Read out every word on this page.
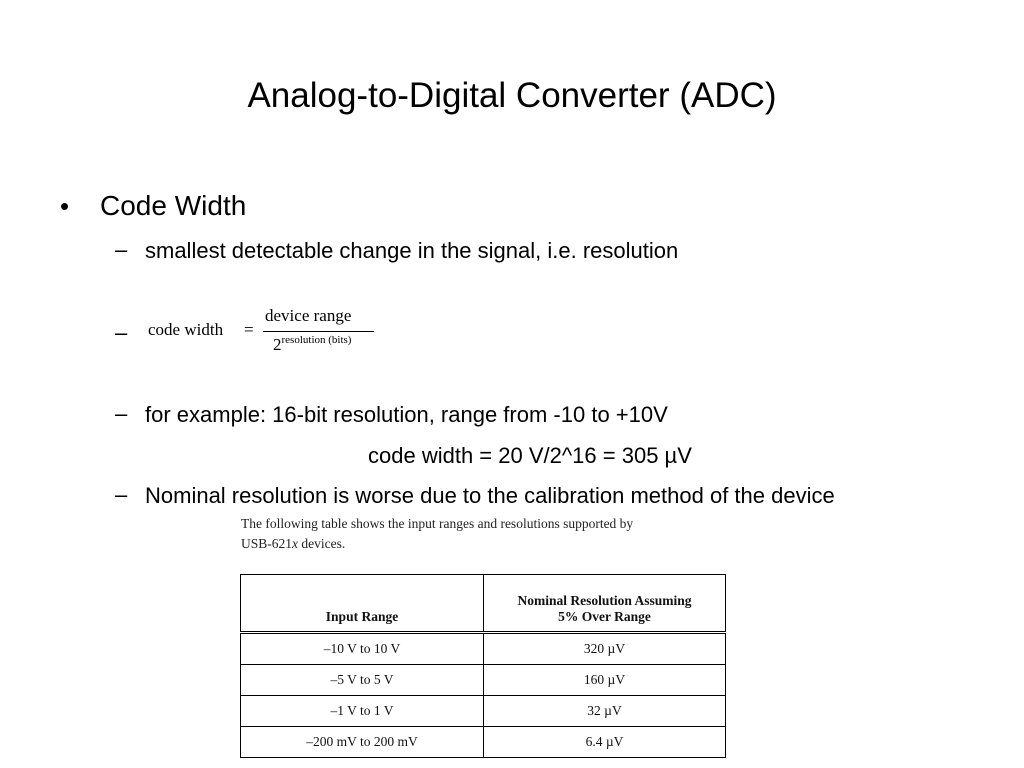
Analog-to-Digital Converter (ADC)
• Code Width
– smallest detectable change in the signal, i.e. resolution
– code width =
device range
$2^{resolution (bits)}$
– for example: 16-bit resolution, range from -10 to +10V
code width = 20 V/2^16 = 305 µV
– Nominal resolution is worse due to the calibration method of the device
The following table shows the input ranges and resolutions supported by
USB-621x devices.
Input Range	Nominal Resolution Assuming
5% Over Range

–10 V to 10 V	320 µV
–5 V to 5 V	160 µV
–1 V to 1 V	32 µV
–200 mV to 200 mV	6.4 µV
